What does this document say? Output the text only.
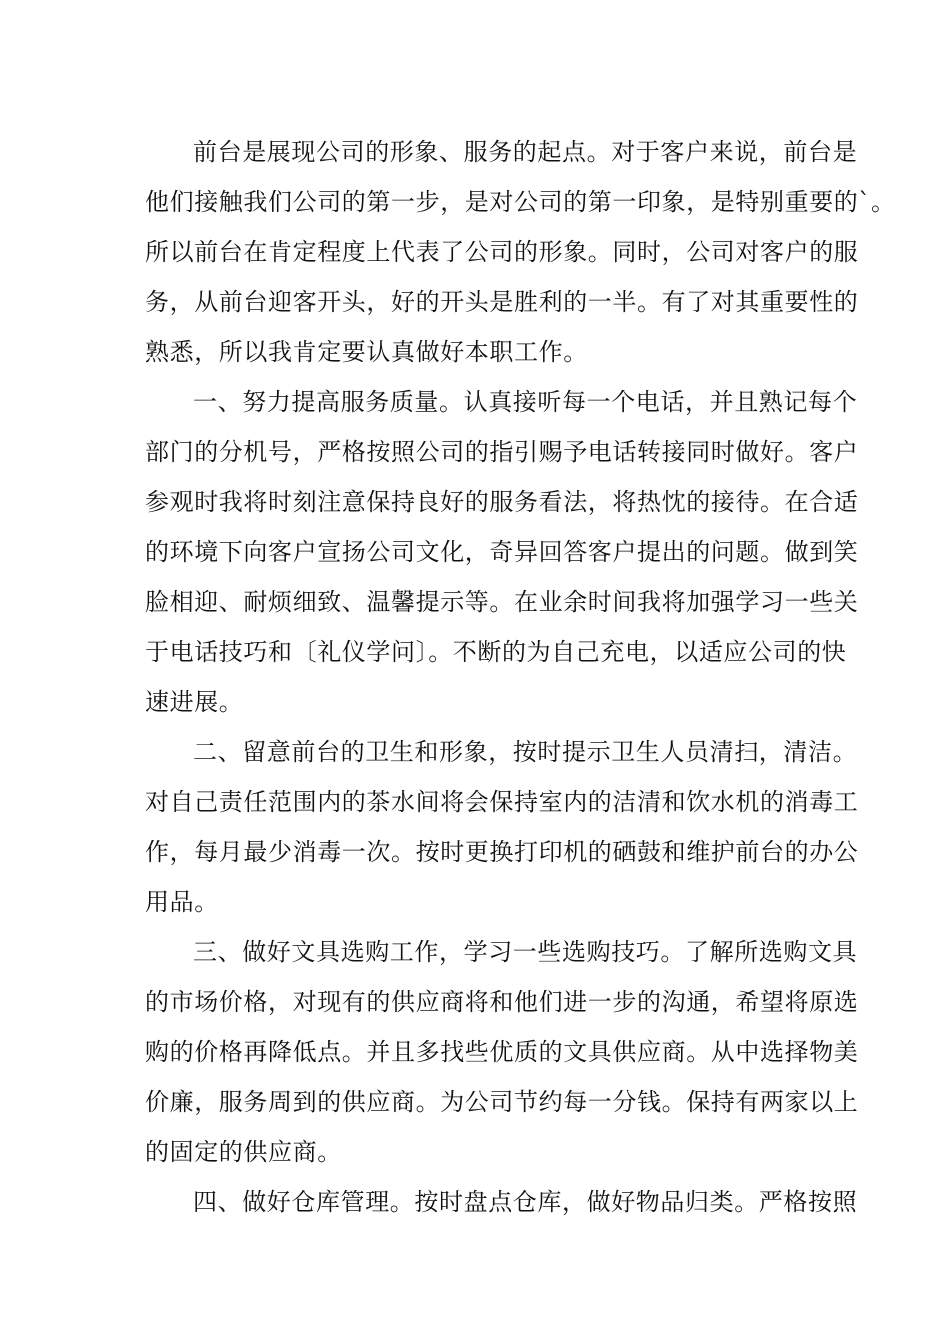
前台是展现公司的形象、服务的起点。对于客户来说，前台是
他们接触我们公司的第一步，是对公司的第一印象，是特别重要的`。
所以前台在肯定程度上代表了公司的形象。同时，公司对客户的服
务，从前台迎客开头，好的开头是胜利的一半。有了对其重要性的
熟悉，所以我肯定要认真做好本职工作。
一、努力提高服务质量。认真接听每一个电话，并且熟记每个
部门的分机号，严格按照公司的指引赐予电话转接同时做好。客户
参观时我将时刻注意保持良好的服务看法，将热忱的接待。在合适
的环境下向客户宣扬公司文化，奇异回答客户提出的问题。做到笑
脸相迎、耐烦细致、温馨提示等。在业余时间我将加强学习一些关
于电话技巧和〔礼仪学问〕。不断的为自己充电，以适应公司的快
速进展。
二、留意前台的卫生和形象，按时提示卫生人员清扫，清洁。
对自己责任范围内的茶水间将会保持室内的洁清和饮水机的消毒工
作，每月最少消毒一次。按时更换打印机的硒鼓和维护前台的办公
用品。
三、做好文具选购工作，学习一些选购技巧。了解所选购文具
的市场价格，对现有的供应商将和他们进一步的沟通，希望将原选
购的价格再降低点。并且多找些优质的文具供应商。从中选择物美
价廉，服务周到的供应商。为公司节约每一分钱。保持有两家以上
的固定的供应商。
四、做好仓库管理。按时盘点仓库，做好物品归类。严格按照
